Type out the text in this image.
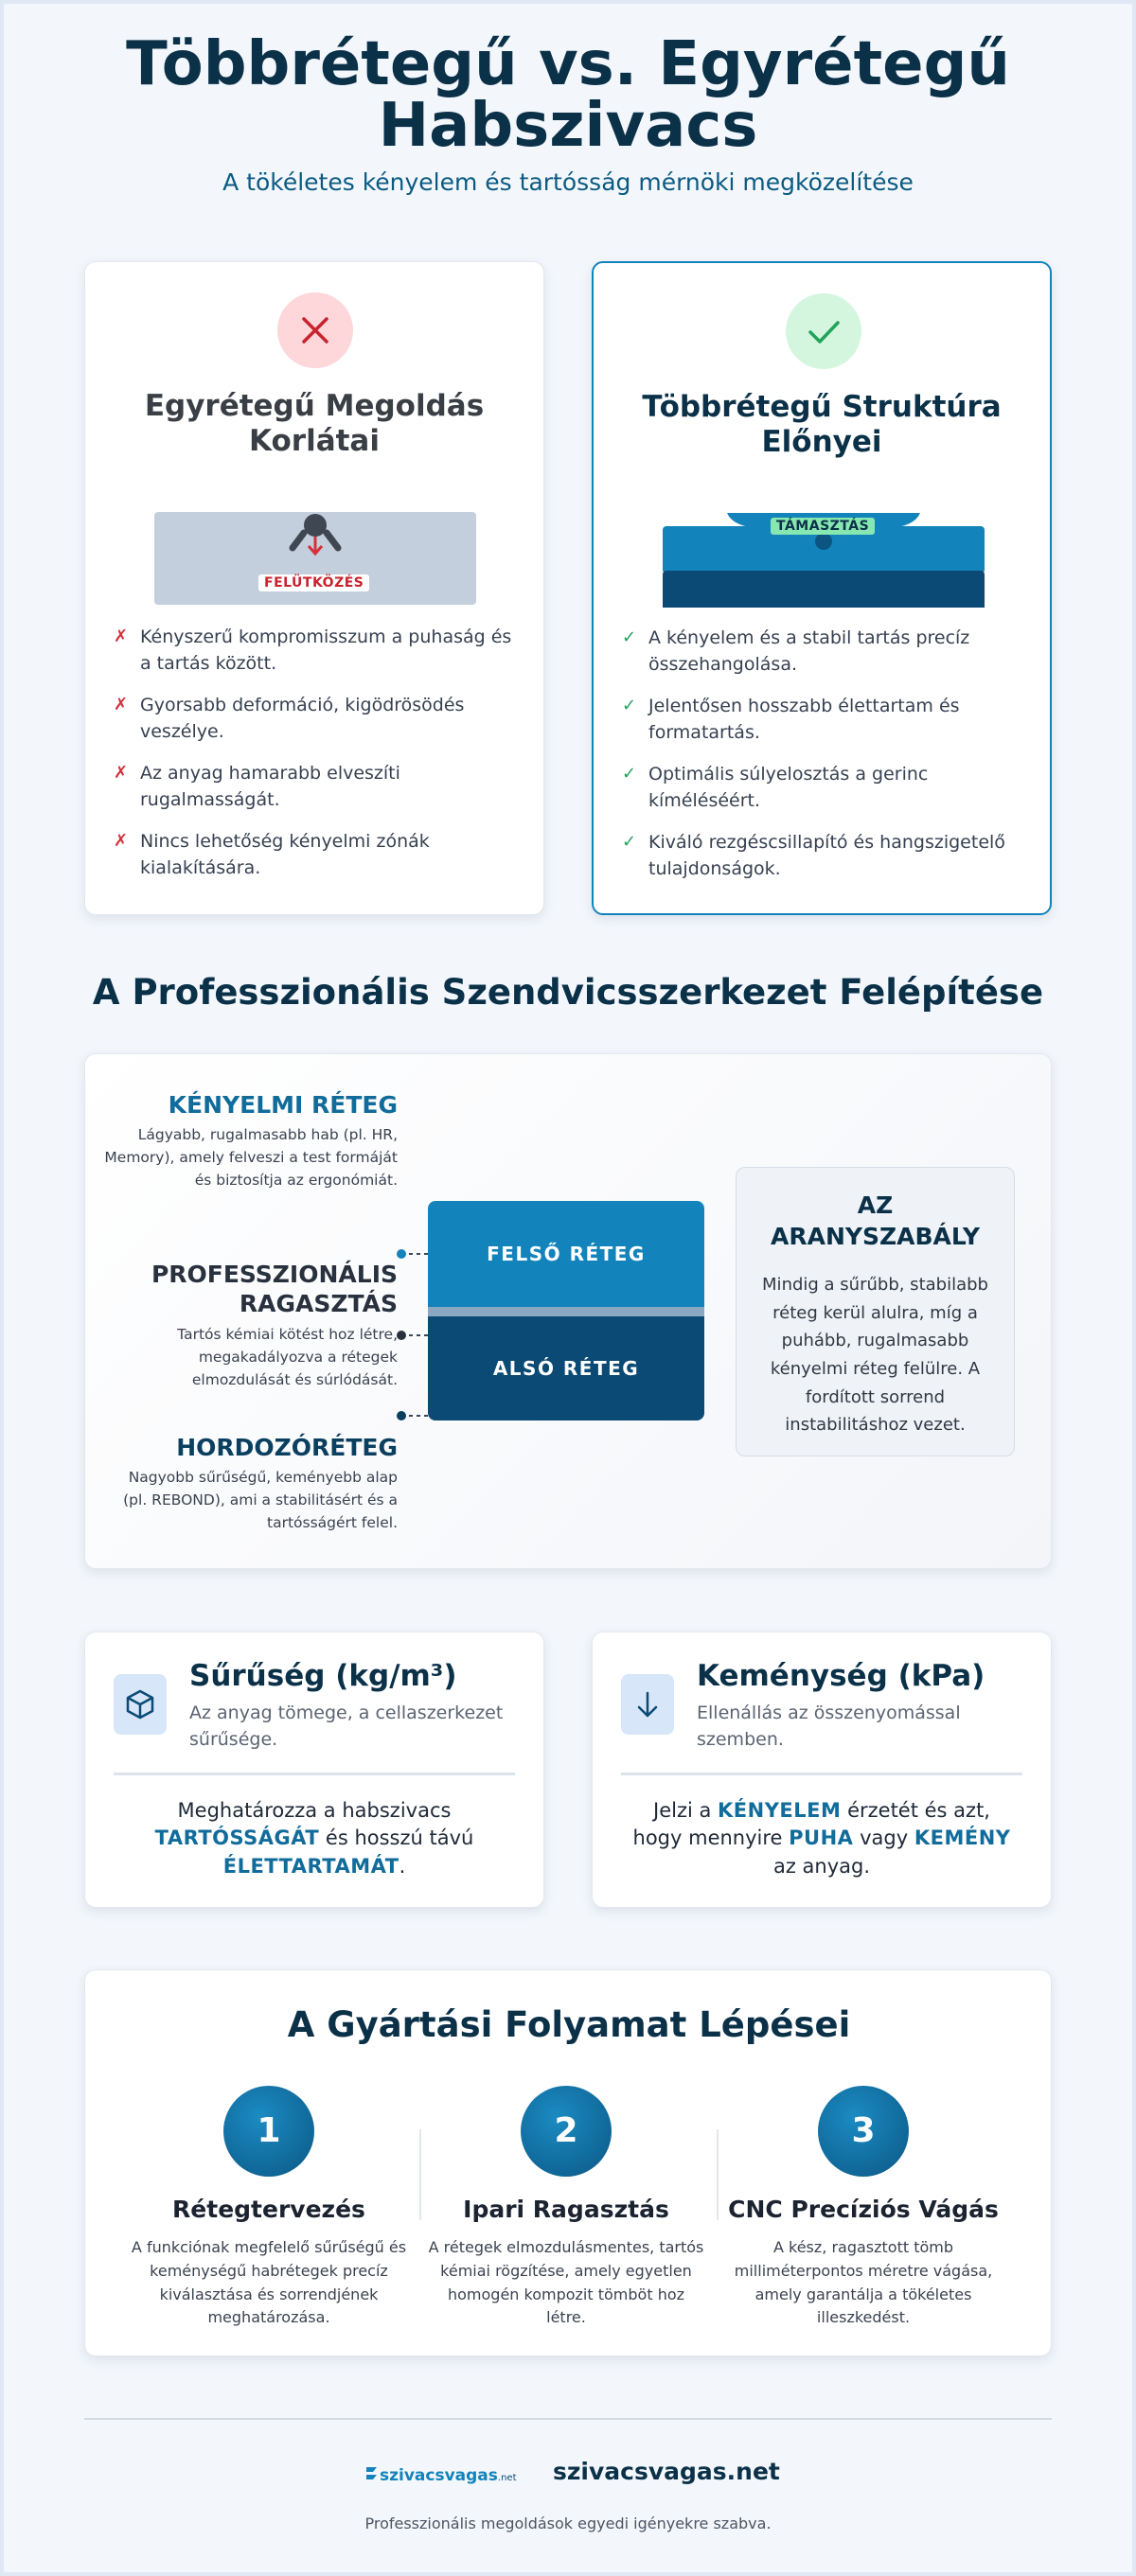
Többrétegű vs. Egyrétegű
Habszivacs
A tökéletes kényelem és tartósság mérnöki megközelítése
Egyrétegű Megoldás Korlátai
FELÜTKÖZÉS
✗ Kényszerű kompromisszum a puhaság és a tartás között.
✗ Gyorsabb deformáció, kigödrösödés veszélye.
✗ Az anyag hamarabb elveszíti rugalmasságát.
✗ Nincs lehetőség kényelmi zónák kialakítására.
Többrétegű Struktúra Előnyei
TÁMASZTÁS
✓ A kényelem és a stabil tartás precíz összehangolása.
✓ Jelentősen hosszabb élettartam és formatartás.
✓ Optimális súlyelosztás a gerinc kíméléséért.
✓ Kiváló rezgéscsillapító és hangszigetelő tulajdonságok.
A Professzionális Szendvicsszerkezet Felépítése
KÉNYELMI RÉTEG
Lágyabb, rugalmasabb hab (pl. HR, Memory), amely felveszi a test formáját és biztosítja az ergonómiát.
PROFESSZIONÁLIS RAGASZTÁS
Tartós kémiai kötést hoz létre, megakadályozva a rétegek elmozdulását és súrlódását.
HORDOZÓRÉTEG
Nagyobb sűrűségű, keményebb alap (pl. REBOND), ami a stabilitásért és a tartósságért felel.
FELSŐ RÉTEG
ALSÓ RÉTEG
AZ ARANYSZABÁLY
Mindig a sűrűbb, stabilabb réteg kerül alulra, míg a puhább, rugalmasabb kényelmi réteg felülre. A fordított sorrend instabilitáshoz vezet.
Sűrűség (kg/m³)
Az anyag tömege, a cellaszerkezet sűrűsége.
Meghatározza a habszivacs TARTÓSSÁGÁT és hosszú távú ÉLETTARTAMÁT.
Keménység (kPa)
Ellenállás az összenyomással szemben.
Jelzi a KÉNYELEM érzetét és azt, hogy mennyire PUHA vagy KEMÉNY az anyag.
A Gyártási Folyamat Lépései
1
Rétegtervezés
A funkciónak megfelelő sűrűségű és keménységű habrétegek precíz kiválasztása és sorrendjének meghatározása.
2
Ipari Ragasztás
A rétegek elmozdulásmentes, tartós kémiai rögzítése, amely egyetlen homogén kompozit tömböt hoz létre.
3
CNC Precíziós Vágás
A kész, ragasztott tömb milliméterpontos méretre vágása, amely garantálja a tökéletes illeszkedést.
szivacsvagas.net szivacsvagas.net
Professzionális megoldások egyedi igényekre szabva.
